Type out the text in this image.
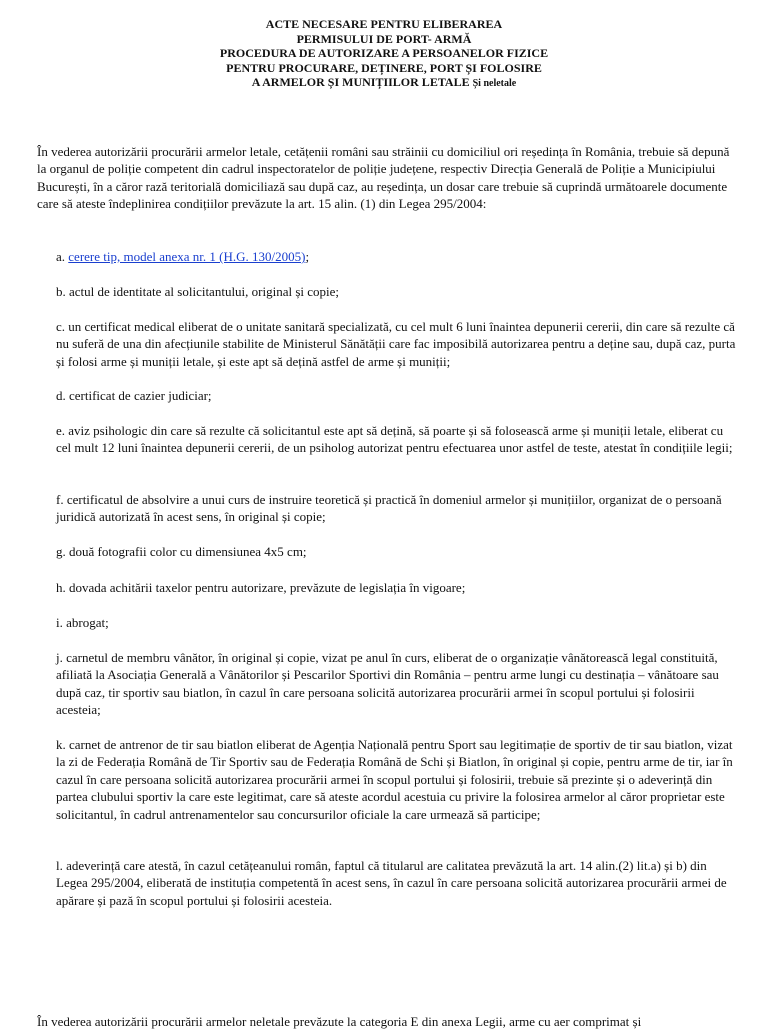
ACTE NECESARE PENTRU ELIBERAREA
PERMISULUI DE PORT- ARMĂ
PROCEDURA DE AUTORIZARE A PERSOANELOR FIZICE
PENTRU PROCURARE, DEȚINERE, PORT ȘI FOLOSIRE
A ARMELOR ȘI MUNIȚIILOR LETALE Și neletale

În vederea autorizării procurării armelor letale, cetățenii români sau străinii cu domiciliul ori reședința în România, trebuie să depună la organul de poliție competent din cadrul inspectoratelor de poliție județene, respectiv Direcția Generală de Poliție a Municipiului București, în a căror rază teritorială domiciliază sau după caz, au reședința, un dosar care trebuie să cuprindă următoarele documente care să ateste îndeplinirea condițiilor prevăzute la art. 15 alin. (1) din Legea 295/2004:

a. cerere tip, model anexa nr. 1 (H.G. 130/2005);
b. actul de identitate al solicitantului, original și copie;
c. un certificat medical eliberat de o unitate sanitară specializată, cu cel mult 6 luni înaintea depunerii cererii, din care să rezulte că nu suferă de una din afecțiunile stabilite de Ministerul Sănătății care fac imposibilă autorizarea pentru a deține sau, după caz, purta și folosi arme și muniții letale, și este apt să dețină astfel de arme și muniții;
d. certificat de cazier judiciar;
e. aviz psihologic din care să rezulte că solicitantul este apt să dețină, să poarte și să folosească arme și muniții letale, eliberat cu cel mult 12 luni înaintea depunerii cererii, de un psiholog autorizat pentru efectuarea unor astfel de teste, atestat în condițiile legii;
f. certificatul de absolvire a unui curs de instruire teoretică și practică în domeniul armelor și munițiilor, organizat de o persoană juridică autorizată în acest sens, în original și copie;
g. două fotografii color cu dimensiunea 4x5 cm;
h. dovada achitării taxelor pentru autorizare, prevăzute de legislația în vigoare;
i. abrogat;
j. carnetul de membru vânător, în original și copie, vizat pe anul în curs, eliberat de o organizație vânătorească legal constituită, afiliată la Asociația Generală a Vânătorilor și Pescarilor Sportivi din România – pentru arme lungi cu destinația – vânătoare sau după caz, tir sportiv sau biatlon, în cazul în care persoana solicită autorizarea procurării armei în scopul portului și folosirii acesteia;
k. carnet de antrenor de tir sau biatlon eliberat de Agenția Națională pentru Sport sau legitimație de sportiv de tir sau biatlon, vizat la zi de Federația Română de Tir Sportiv sau de Federația Română de Schi și Biatlon, în original și copie, pentru arme de tir, iar în cazul în care persoana solicită autorizarea procurării armei în scopul portului și folosirii, trebuie să prezinte și o adeverință din partea clubului sportiv la care este legitimat, care să ateste acordul acestuia cu privire la folosirea armelor al căror proprietar este solicitantul, în cadrul antrenamentelor sau concursurilor oficiale la care urmează să participe;
l. adeverință care atestă, în cazul cetățeanului român, faptul că titularul are calitatea prevăzută la art. 14 alin.(2) lit.a) și b) din Legea 295/2004, eliberată de instituția competentă în acest sens, în cazul în care persoana solicită autorizarea procurării armei de apărare și pază în scopul portului și folosirii acesteia.
În vederea autorizării procurării armelor neletale prevăzute la categoria E din anexa Legii, arme cu aer comprimat și
